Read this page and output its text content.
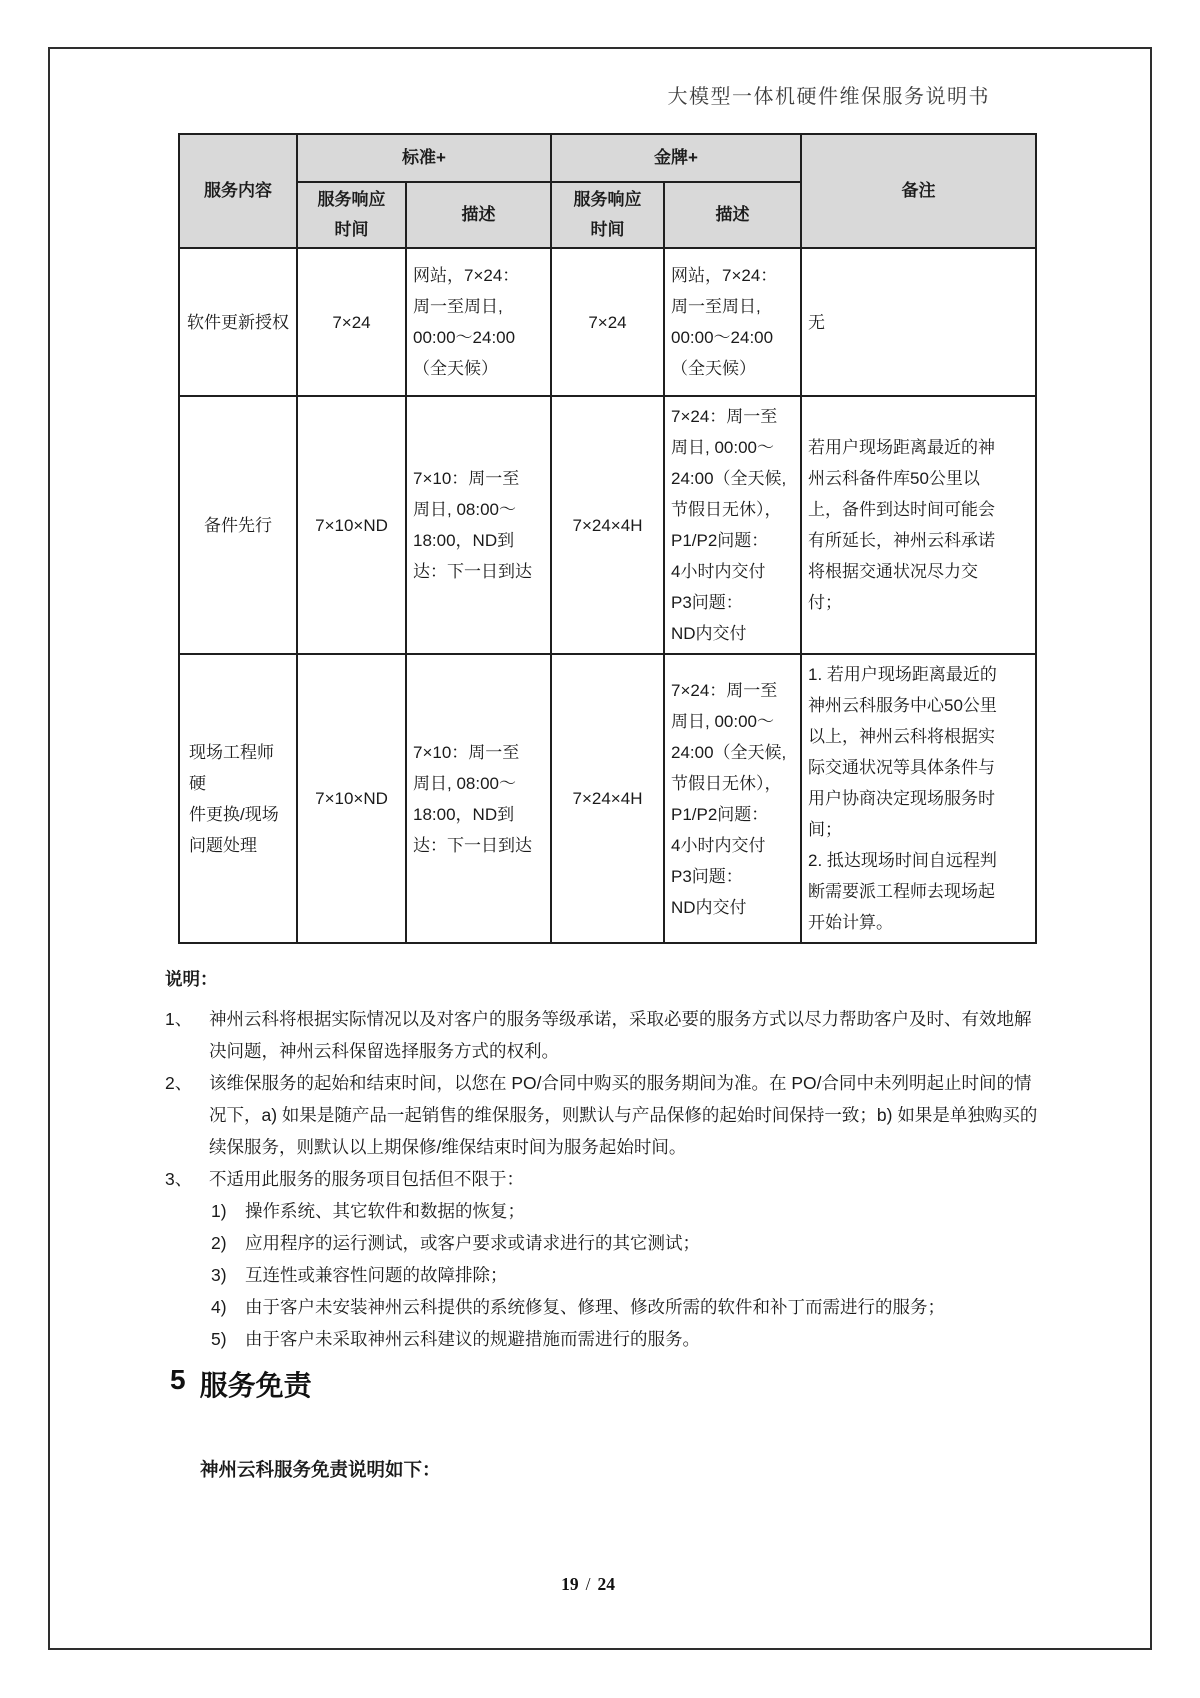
大模型一体机硬件维保服务说明书
服务内容	标准+		金牌+		备注
	服务响应
时间	描述	服务响应
时间	描述	
软件更新授权	7×24	网站，7×24：
周一至周日,
00:00～24:00
（全天候）	7×24	网站，7×24：
周一至周日,
00:00～24:00
（全天候）	无
备件先行	7×10×ND	7×10：周一至
周日, 08:00～
18:00，ND到
达：下一日到达	7×24×4H	7×24：周一至
周日, 00:00～
24:00（全天候,
节假日无休），
P1/P2问题：
4小时内交付
P3问题：
ND内交付	若用户现场距离最近的神
州云科备件库50公里以
上，备件到达时间可能会
有所延长，神州云科承诺
将根据交通状况尽力交
付；
现场工程师硬
件更换/现场
问题处理	7×10×ND	7×10：周一至
周日, 08:00～
18:00，ND到
达：下一日到达	7×24×4H	7×24：周一至
周日, 00:00～
24:00（全天候,
节假日无休），
P1/P2问题：
4小时内交付
P3问题：
ND内交付	1. 若用户现场距离最近的
神州云科服务中心50公里
以上，神州云科将根据实
际交通状况等具体条件与
用户协商决定现场服务时
间；
2. 抵达现场时间自远程判
断需要派工程师去现场起
开始计算。
说明：
1、 神州云科将根据实际情况以及对客户的服务等级承诺，采取必要的服务方式以尽力帮助客户及时、有效地解决问题，神州云科保留选择服务方式的权利。
2、 该维保服务的起始和结束时间，以您在 PO/合同中购买的服务期间为准。在 PO/合同中未列明起止时间的情况下，a) 如果是随产品一起销售的维保服务，则默认与产品保修的起始时间保持一致；b) 如果是单独购买的续保服务，则默认以上期保修/维保结束时间为服务起始时间。
3、 不适用此服务的服务项目包括但不限于：
1)	操作系统、其它软件和数据的恢复；
2)	应用程序的运行测试，或客户要求或请求进行的其它测试；
3)	互连性或兼容性问题的故障排除；
4)	由于客户未安装神州云科提供的系统修复、修理、修改所需的软件和补丁而需进行的服务；
5)	由于客户未采取神州云科建议的规避措施而需进行的服务。
5 服务免责
神州云科服务免责说明如下：
19 / 24
